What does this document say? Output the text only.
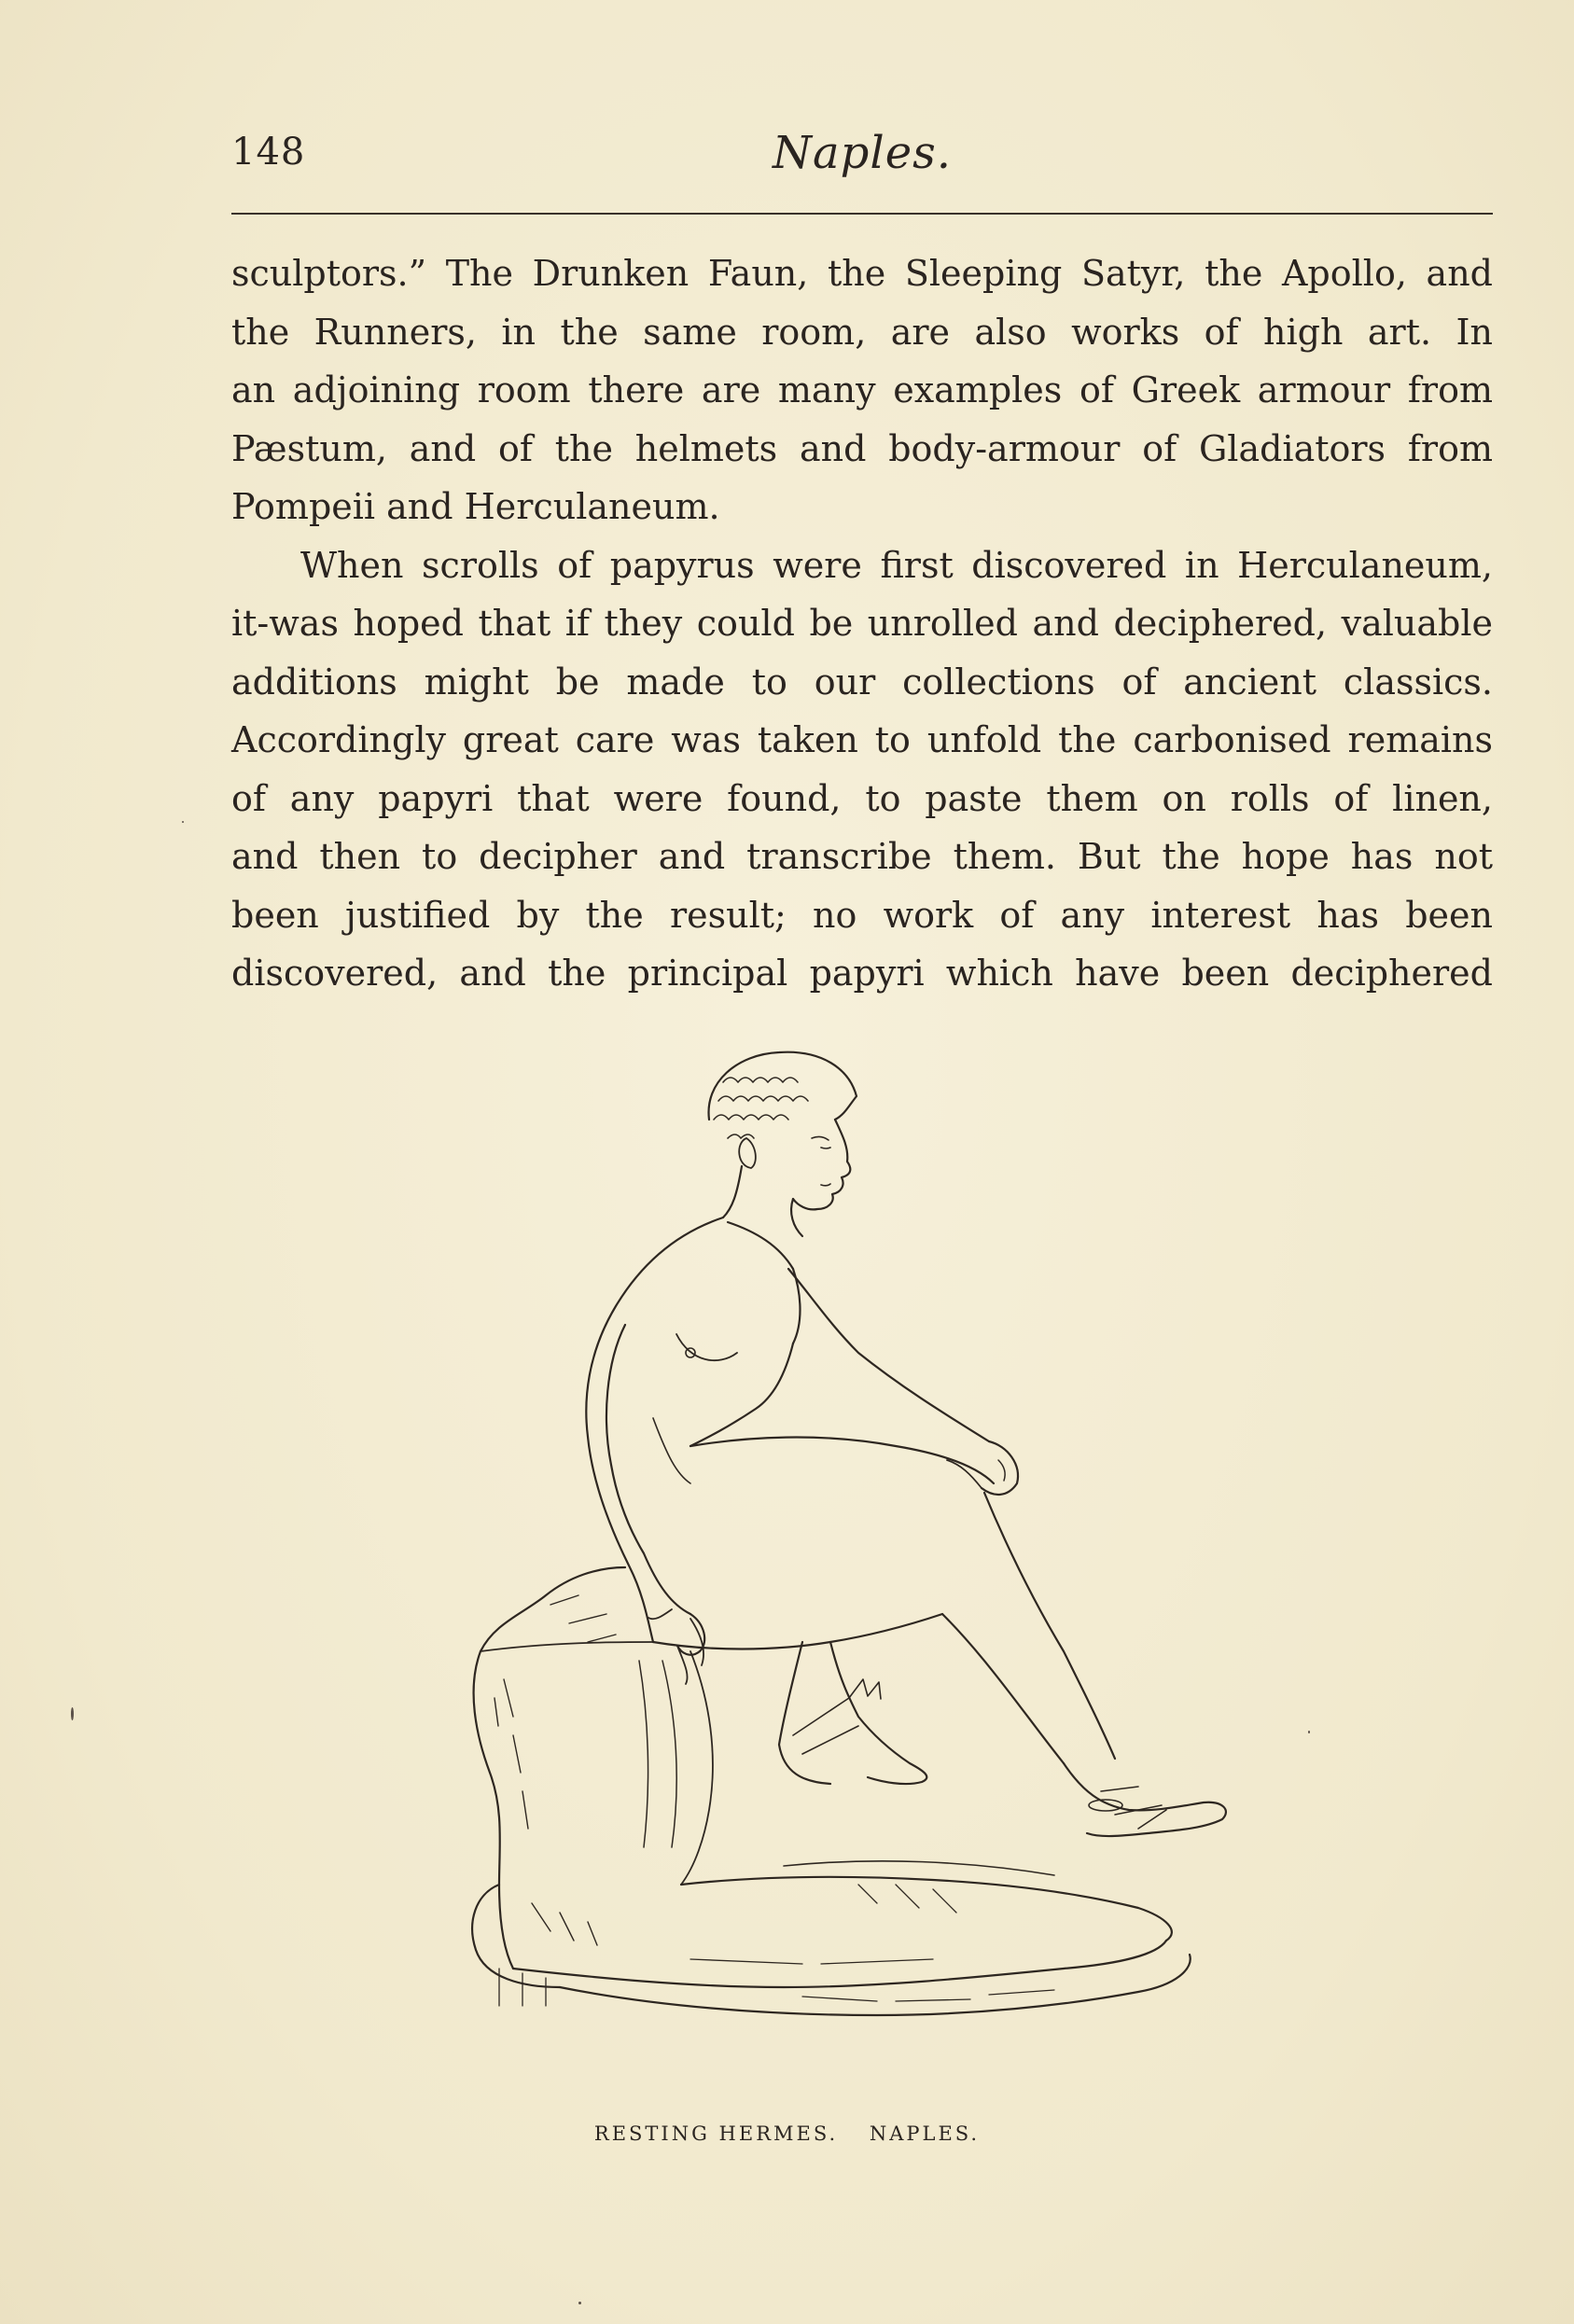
148	Naples.

sculptors.” The Drunken Faun, the Sleeping Satyr, the Apollo, and

the Runners, in the same room, are also works of high art. In

an adjoining room there are many examples of Greek armour from

Pæstum, and of the helmets and body-armour of Gladiators from

Pompeii and Herculaneum.

When scrolls of papyrus were first discovered in Herculaneum,

it-was hoped that if they could be unrolled and deciphered, valuable

additions might be made to our collections of ancient classics.

Accordingly great care was taken to unfold the carbonised remains

of any papyri that were found, to paste them on rolls of linen,

and then to decipher and transcribe them. But the hope has not

been justified by the result; no work of any interest has been

discovered, and the principal papyri which have been deciphered

RESTING HERMES. NAPLES.
